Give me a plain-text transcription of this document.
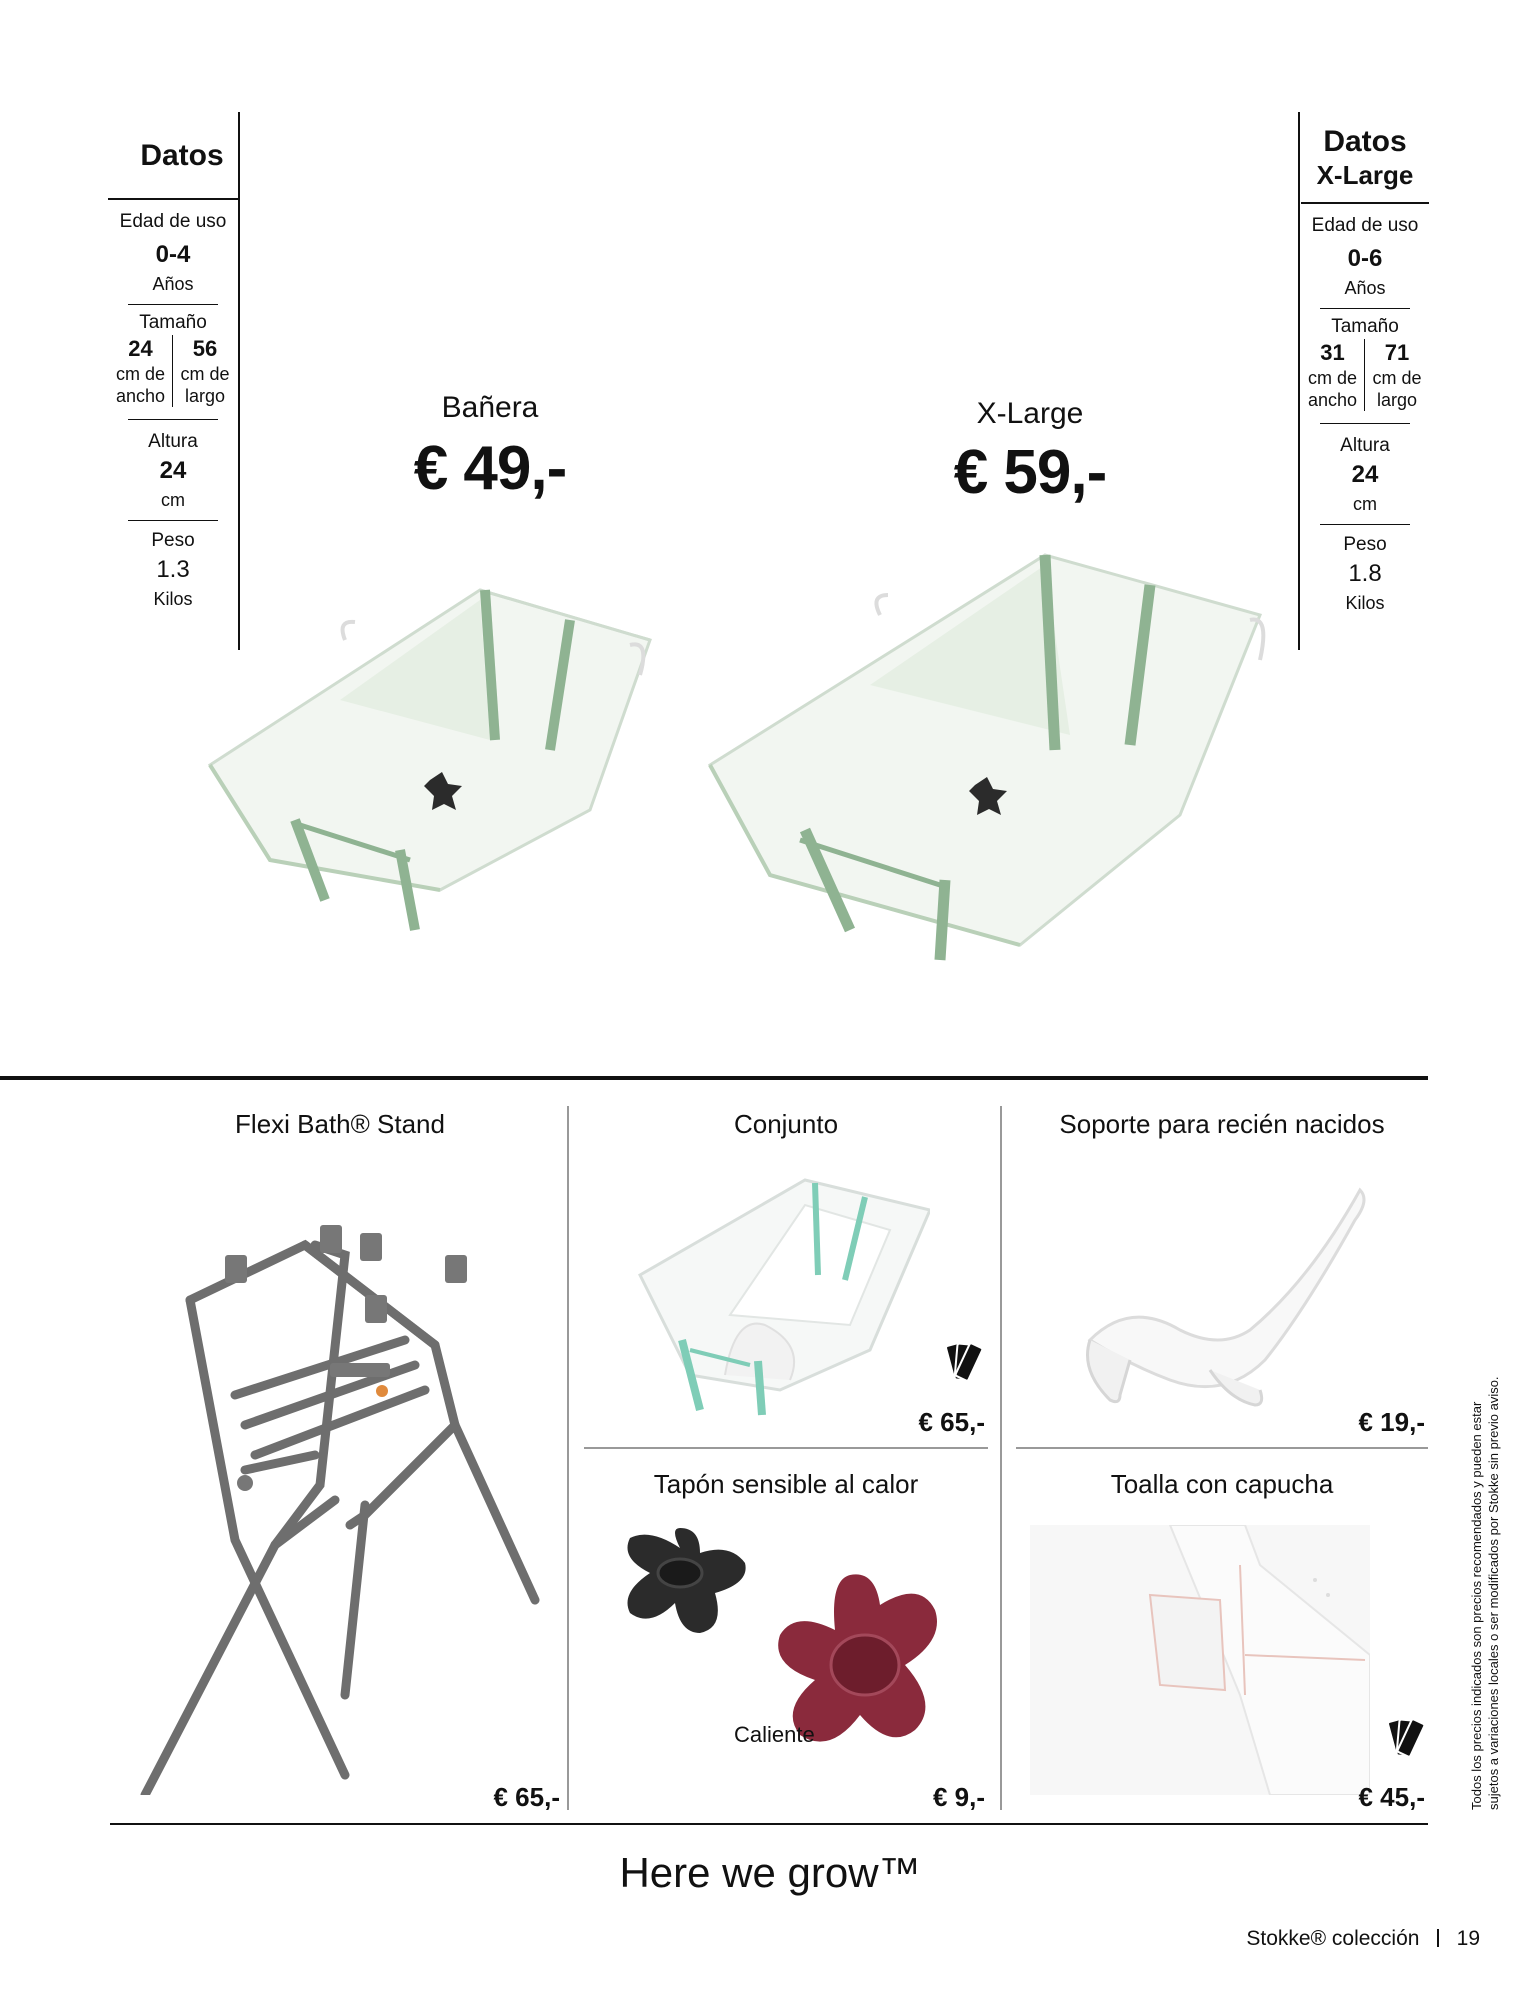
Datos
Edad de uso
0-4
Años
Tamaño
24
cm de
ancho
56
cm de
largo
Altura
24
cm
Peso
1.3
Kilos
Datos
X-Large
Edad de uso
0-6
Años
Tamaño
31
cm de
ancho
71
cm de
largo
Altura
24
cm
Peso
1.8
Kilos
Bañera
€ 49,-
X-Large
€ 59,-
Flexi Bath® Stand
€ 65,-
Conjunto
€ 65,-
Soporte para recién nacidos
€ 19,-
Tapón sensible al calor
Caliente
€ 9,-
Toalla con capucha
€ 45,-	Todos los precios indicados son precios recomendados y pueden estar sujetos a variaciones locales o ser modificados por Stokke sin previo aviso.
Here we grow™
Stokke® colección 19
